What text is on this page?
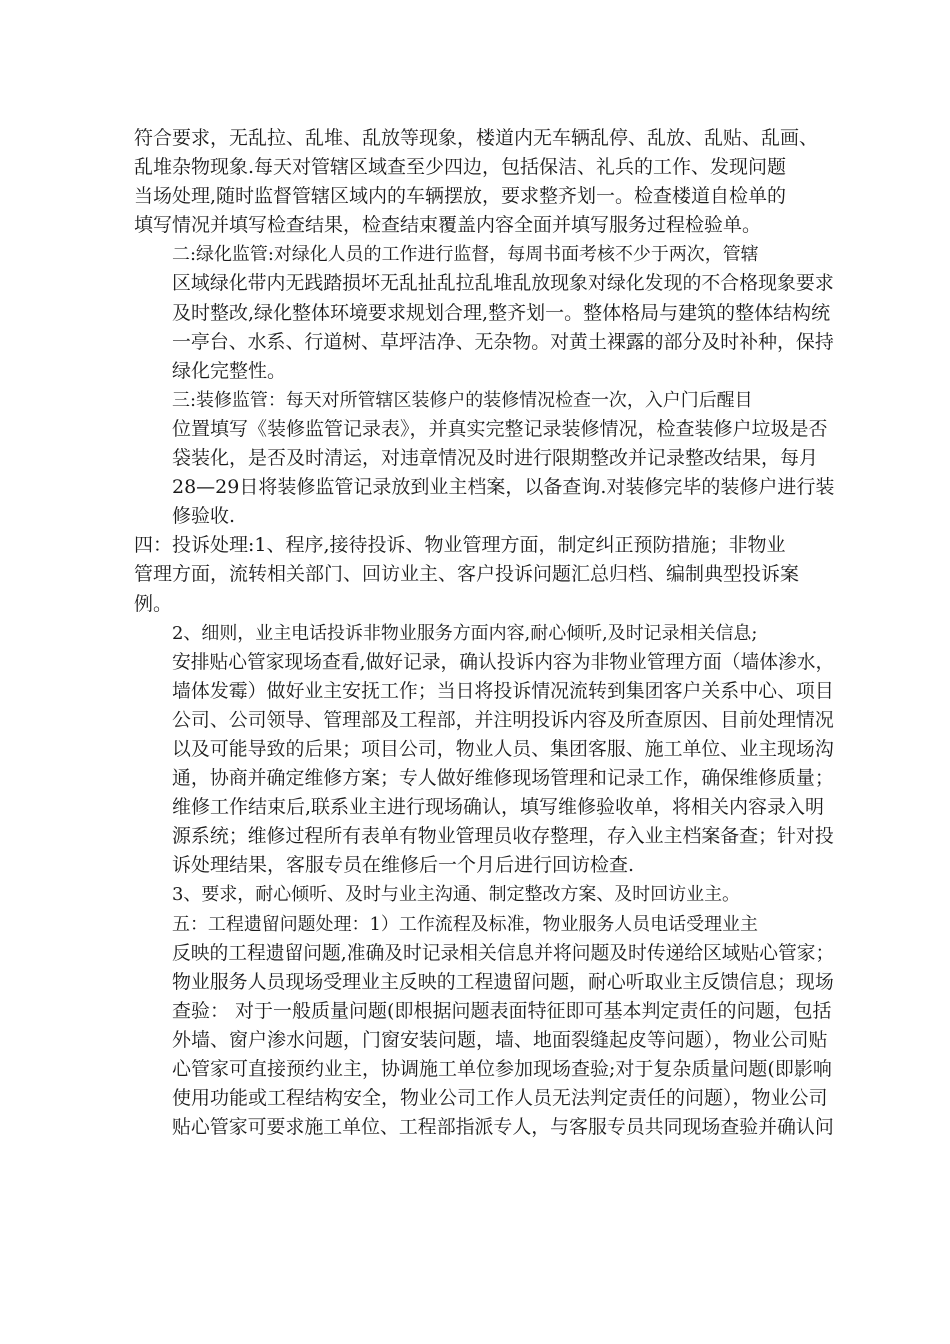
符合要求，无乱拉、乱堆、乱放等现象，楼道内无车辆乱停、乱放、乱贴、乱画、
乱堆杂物现象.每天对管辖区域查至少四边，包括保洁、礼兵的工作、发现问题
当场处理,随时监督管辖区域内的车辆摆放，要求整齐划一。检查楼道自检单的
填写情况并填写检查结果，检查结束覆盖内容全面并填写服务过程检验单。
二:绿化监管:对绿化人员的工作进行监督，每周书面考核不少于两次，管辖
区域绿化带内无践踏损坏无乱扯乱拉乱堆乱放现象对绿化发现的不合格现象要求
及时整改,绿化整体环境要求规划合理,整齐划一。整体格局与建筑的整体结构统
一亭台、水系、行道树、草坪洁净、无杂物。对黄土裸露的部分及时补种，保持
绿化完整性。
三:装修监管：每天对所管辖区装修户的装修情况检查一次，入户门后醒目
位置填写《装修监管记录表》，并真实完整记录装修情况，检查装修户垃圾是否
袋装化，是否及时清运，对违章情况及时进行限期整改并记录整改结果，每月
28—29日将装修监管记录放到业主档案，以备查询.对装修完毕的装修户进行装
修验收.
四：投诉处理:1、程序,接待投诉、物业管理方面，制定纠正预防措施；非物业
管理方面，流转相关部门、回访业主、客户投诉问题汇总归档、编制典型投诉案
例。
2、细则，业主电话投诉非物业服务方面内容,耐心倾听,及时记录相关信息;
安排贴心管家现场查看,做好记录，确认投诉内容为非物业管理方面（墙体渗水，
墙体发霉）做好业主安抚工作；当日将投诉情况流转到集团客户关系中心、项目
公司、公司领导、管理部及工程部，并注明投诉内容及所查原因、目前处理情况
以及可能导致的后果；项目公司，物业人员、集团客服、施工单位、业主现场沟
通，协商并确定维修方案；专人做好维修现场管理和记录工作，确保维修质量；
维修工作结束后,联系业主进行现场确认，填写维修验收单，将相关内容录入明
源系统；维修过程所有表单有物业管理员收存整理，存入业主档案备查；针对投
诉处理结果，客服专员在维修后一个月后进行回访检查.
3、要求，耐心倾听、及时与业主沟通、制定整改方案、及时回访业主。
五：工程遗留问题处理：1）工作流程及标准，物业服务人员电话受理业主
反映的工程遗留问题,准确及时记录相关信息并将问题及时传递给区域贴心管家；
物业服务人员现场受理业主反映的工程遗留问题，耐心听取业主反馈信息；现场
查验： 对于一般质量问题(即根据问题表面特征即可基本判定责任的问题，包括
外墙、窗户渗水问题，门窗安装问题，墙、地面裂缝起皮等问题），物业公司贴
心管家可直接预约业主，协调施工单位参加现场查验;对于复杂质量问题(即影响
使用功能或工程结构安全，物业公司工作人员无法判定责任的问题），物业公司
贴心管家可要求施工单位、工程部指派专人，与客服专员共同现场查验并确认问
